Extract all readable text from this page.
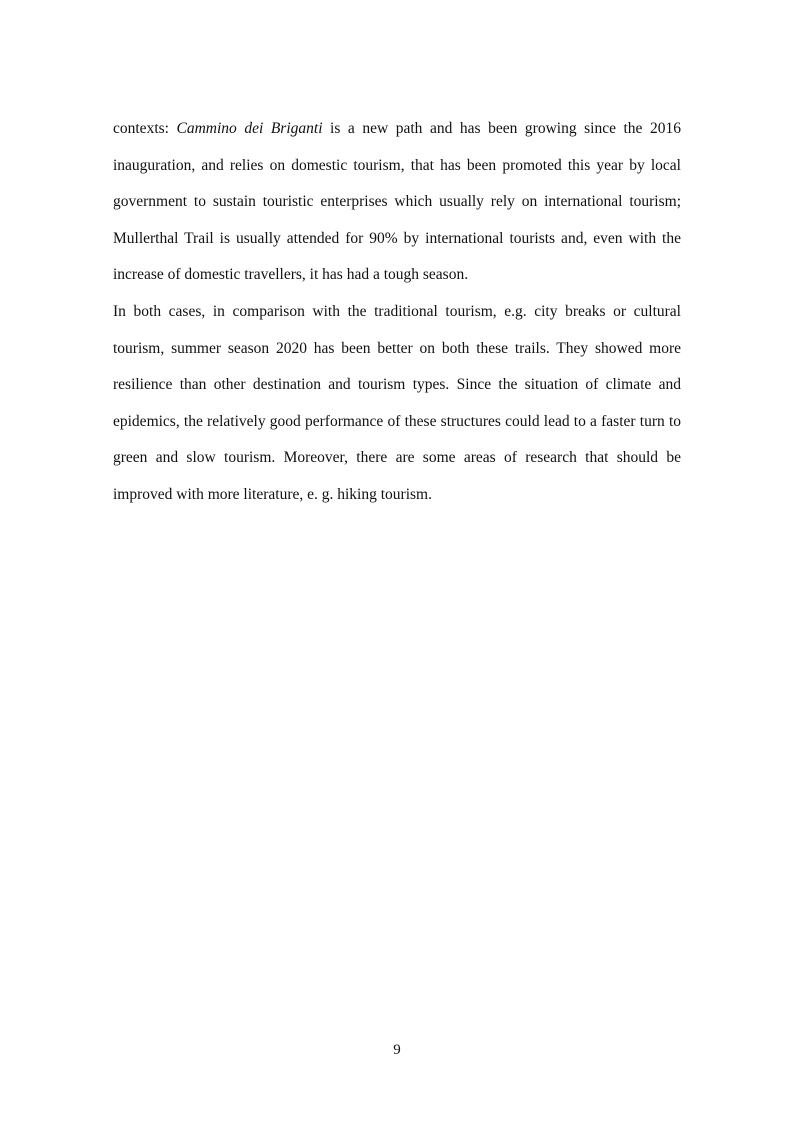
contexts: Cammino dei Briganti is a new path and has been growing since the 2016 inauguration, and relies on domestic tourism, that has been promoted this year by local government to sustain touristic enterprises which usually rely on international tourism; Mullerthal Trail is usually attended for 90% by international tourists and, even with the increase of domestic travellers, it has had a tough season.

In both cases, in comparison with the traditional tourism, e.g. city breaks or cultural tourism, summer season 2020 has been better on both these trails. They showed more resilience than other destination and tourism types. Since the situation of climate and epidemics, the relatively good performance of these structures could lead to a faster turn to green and slow tourism. Moreover, there are some areas of research that should be improved with more literature, e. g. hiking tourism.

9
